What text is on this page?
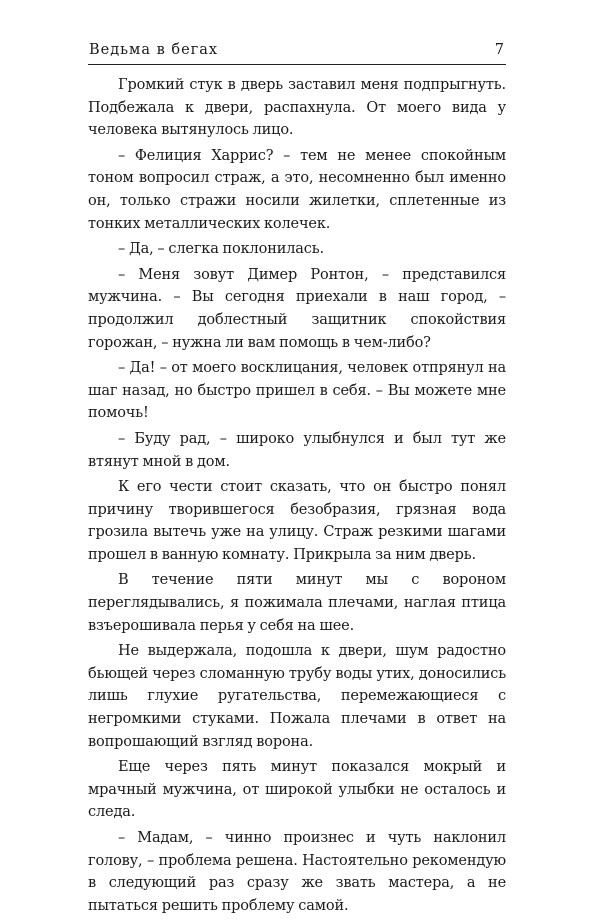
Ведьма в бегах	7

Громкий стук в дверь заставил меня подпрыгнуть. Подбежала к двери, распахнула. От моего вида у человека вытянулось лицо.

– Фелиция Харрис? – тем не менее спокойным тоном вопросил страж, а это, несомненно был именно он, только стражи носили жилетки, сплетенные из тонких металлических колечек.

– Да, – слегка поклонилась.

– Меня зовут Димер Ронтон, – представился мужчина. – Вы сегодня приехали в наш город, – продолжил доблестный защитник спокойствия горожан, – нужна ли вам помощь в чем-либо?

– Да! – от моего восклицания, человек отпрянул на шаг назад, но быстро пришел в себя. – Вы можете мне помочь!

– Буду рад, – широко улыбнулся и был тут же втянут мной в дом.

К его чести стоит сказать, что он быстро понял причину творившегося безобразия, грязная вода грозила вытечь уже на улицу. Страж резкими шагами прошел в ванную комнату. Прикрыла за ним дверь.

В течение пяти минут мы с вороном переглядывались, я пожимала плечами, наглая птица взъерошивала перья у себя на шее.

Не выдержала, подошла к двери, шум радостно бьющей через сломанную трубу воды утих, доносились лишь глухие ругательства, перемежающиеся с негромкими стуками. Пожала плечами в ответ на вопрошающий взгляд ворона.

Еще через пять минут показался мокрый и мрачный мужчина, от широкой улыбки не осталось и следа.

– Мадам, – чинно произнес и чуть наклонил голову, – проблема решена. Настоятельно рекомендую в следующий раз сразу же звать мастера, а не пытаться решить проблему самой.
